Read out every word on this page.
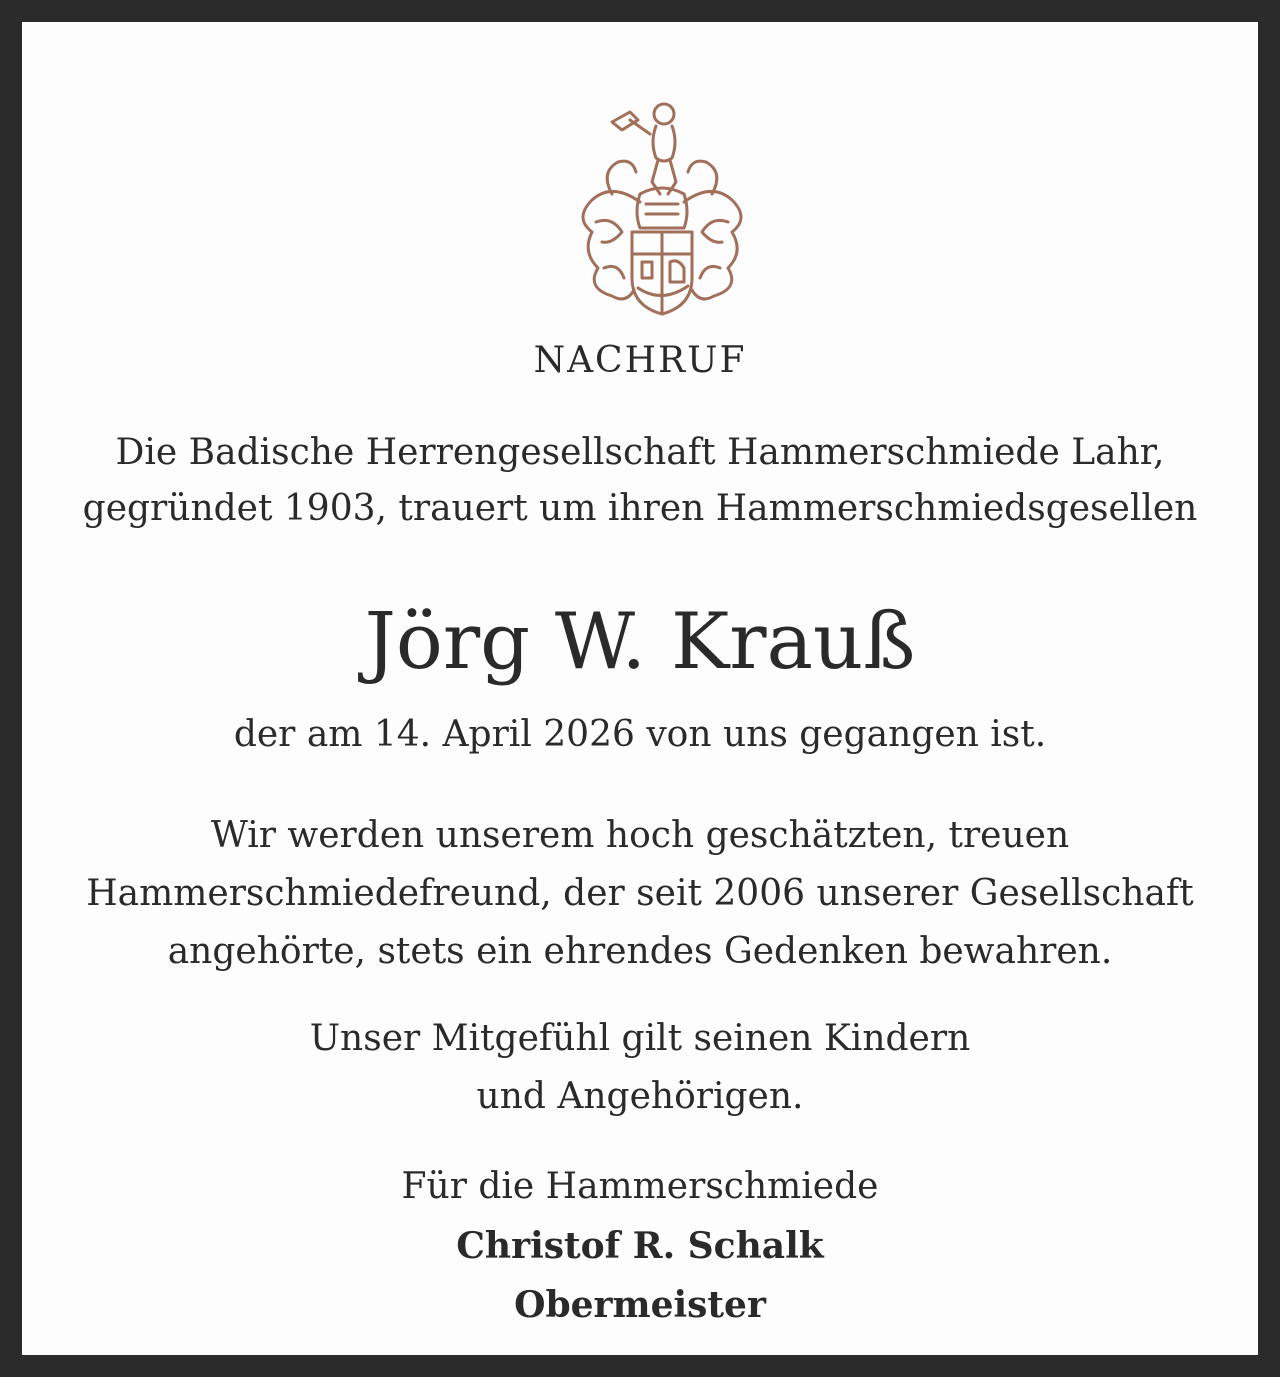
NACHRUF
Die Badische Herrengesellschaft Hammerschmiede Lahr,
gegründet 1903, trauert um ihren Hammerschmiedsgesellen
Jörg W. Krauß
der am 14. April 2026 von uns gegangen ist.
Wir werden unserem hoch geschätzten, treuen
Hammerschmiedefreund, der seit 2006 unserer Gesellschaft
angehörte, stets ein ehrendes Gedenken bewahren.
Unser Mitgefühl gilt seinen Kindern
und Angehörigen.
Für die Hammerschmiede
Christof R. Schalk
Obermeister
